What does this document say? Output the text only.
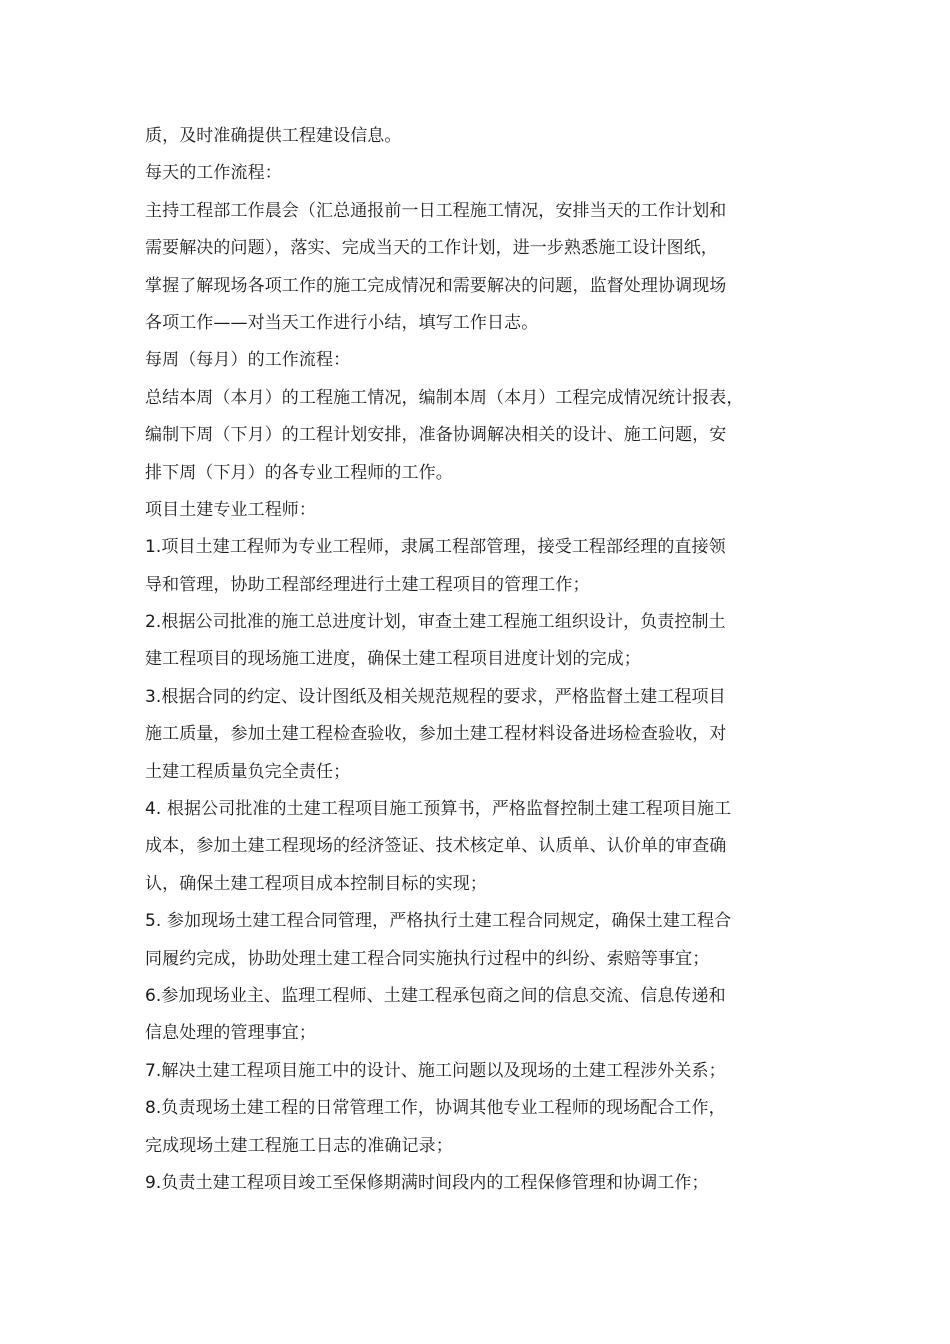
质，及时准确提供工程建设信息。
每天的工作流程：
主持工程部工作晨会（汇总通报前一日工程施工情况，安排当天的工作计划和
需要解决的问题），落实、完成当天的工作计划，进一步熟悉施工设计图纸，
掌握了解现场各项工作的施工完成情况和需要解决的问题，监督处理协调现场
各项工作——对当天工作进行小结，填写工作日志。
每周（每月）的工作流程：
总结本周（本月）的工程施工情况，编制本周（本月）工程完成情况统计报表，
编制下周（下月）的工程计划安排，准备协调解决相关的设计、施工问题，安
排下周（下月）的各专业工程师的工作。
项目土建专业工程师：
1.项目土建工程师为专业工程师，隶属工程部管理，接受工程部经理的直接领
导和管理，协助工程部经理进行土建工程项目的管理工作；
2.根据公司批准的施工总进度计划，审查土建工程施工组织设计，负责控制土
建工程项目的现场施工进度，确保土建工程项目进度计划的完成；
3.根据合同的约定、设计图纸及相关规范规程的要求，严格监督土建工程项目
施工质量，参加土建工程检查验收，参加土建工程材料设备进场检查验收，对
土建工程质量负完全责任；
4. 根据公司批准的土建工程项目施工预算书，严格监督控制土建工程项目施工
成本，参加土建工程现场的经济签证、技术核定单、认质单、认价单的审查确
认，确保土建工程项目成本控制目标的实现；
5. 参加现场土建工程合同管理，严格执行土建工程合同规定，确保土建工程合
同履约完成，协助处理土建工程合同实施执行过程中的纠纷、索赔等事宜；
6.参加现场业主、监理工程师、土建工程承包商之间的信息交流、信息传递和
信息处理的管理事宜；
7.解决土建工程项目施工中的设计、施工问题以及现场的土建工程涉外关系；
8.负责现场土建工程的日常管理工作，协调其他专业工程师的现场配合工作，
完成现场土建工程施工日志的准确记录；
9.负责土建工程项目竣工至保修期满时间段内的工程保修管理和协调工作；
